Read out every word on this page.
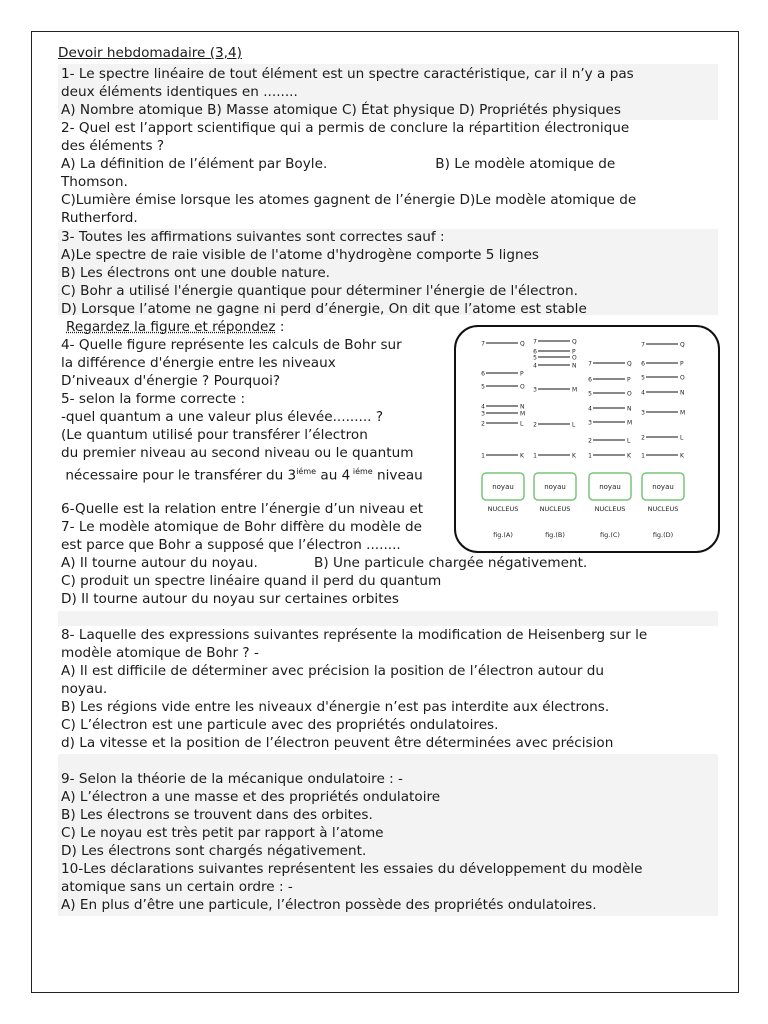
Devoir hebdomadaire (3,4)
1- Le spectre linéaire de tout élément est un spectre caractéristique, car il n’y a pas
deux éléments identiques en ........
A) Nombre atomique B) Masse atomique C) État physique D) Propriétés physiques
2- Quel est l’apport scientifique qui a permis de conclure la répartition électronique
des éléments ?
A) La définition de l’élément par Boyle.                         B) Le modèle atomique de
Thomson.
C)Lumière émise lorsque les atomes gagnent de l’énergie D)Le modèle atomique de
Rutherford.
3- Toutes les affirmations suivantes sont correctes sauf :
A)Le spectre de raie visible de l'atome d'hydrogène comporte 5 lignes
B) Les électrons ont une double nature.
C) Bohr a utilisé l'énergie quantique pour déterminer l'énergie de l'électron.
D) Lorsque l’atome ne gagne ni perd d’énergie, On dit que l’atome est stable
Regardez la figure et répondez :
4- Quelle figure représente les calculs de Bohr sur
la différence d'énergie entre les niveaux
D’niveaux d'énergie ? Pourquoi?
5- selon la forme correcte :
-quel quantum a une valeur plus élevée......... ?
(Le quantum utilisé pour transférer l’électron
du premier niveau au second niveau ou le quantum
nécessaire pour le transférer du $3^{iéme}$ au 4 $^{iéme}$ niveau
6-Quelle est la relation entre l’énergie d’un niveau et
7- Le modèle atomique de Bohr diffère du modèle de
est parce que Bohr a supposé que l’électron ........
A) Il tourne autour du noyau.             B) Une particule chargée négativement.
C) produit un spectre linéaire quand il perd du quantum
D) Il tourne autour du noyau sur certaines orbites
8- Laquelle des expressions suivantes représente la modification de Heisenberg sur le
modèle atomique de Bohr ? -
A) Il est difficile de déterminer avec précision la position de l’électron autour du
noyau.
B) Les régions vide entre les niveaux d'énergie n’est pas interdite aux électrons.
C) L’électron est une particule avec des propriétés ondulatoires.
d) La vitesse et la position de l’électron peuvent être déterminées avec précision
9- Selon la théorie de la mécanique ondulatoire : -
A) L’électron a une masse et des propriétés ondulatoire
B) Les électrons se trouvent dans des orbites.
C) Le noyau est très petit par rapport à l’atome
D) Les électrons sont chargés négativement.
10-Les déclarations suivantes représentent les essaies du développement du modèle
atomique sans un certain ordre : -
A) En plus d’être une particule, l’électron possède des propriétés ondulatoires.
1	K
2	L
3	M
4	N
5	O
6	P
7	Q
noyau
NUCLEUS
fig.(A)
1	K
2	L
3	M
4	N
5	O
6	P
7	Q
noyau
NUCLEUS
fig.(B)
1	K
2	L
3	M
4	N
5	O
6	P
7	Q
noyau
NUCLEUS
fig.(C)
1	K
2	L
3	M
4	N
5	O
6	P
7	Q
noyau
NUCLEUS
fig.(D)
